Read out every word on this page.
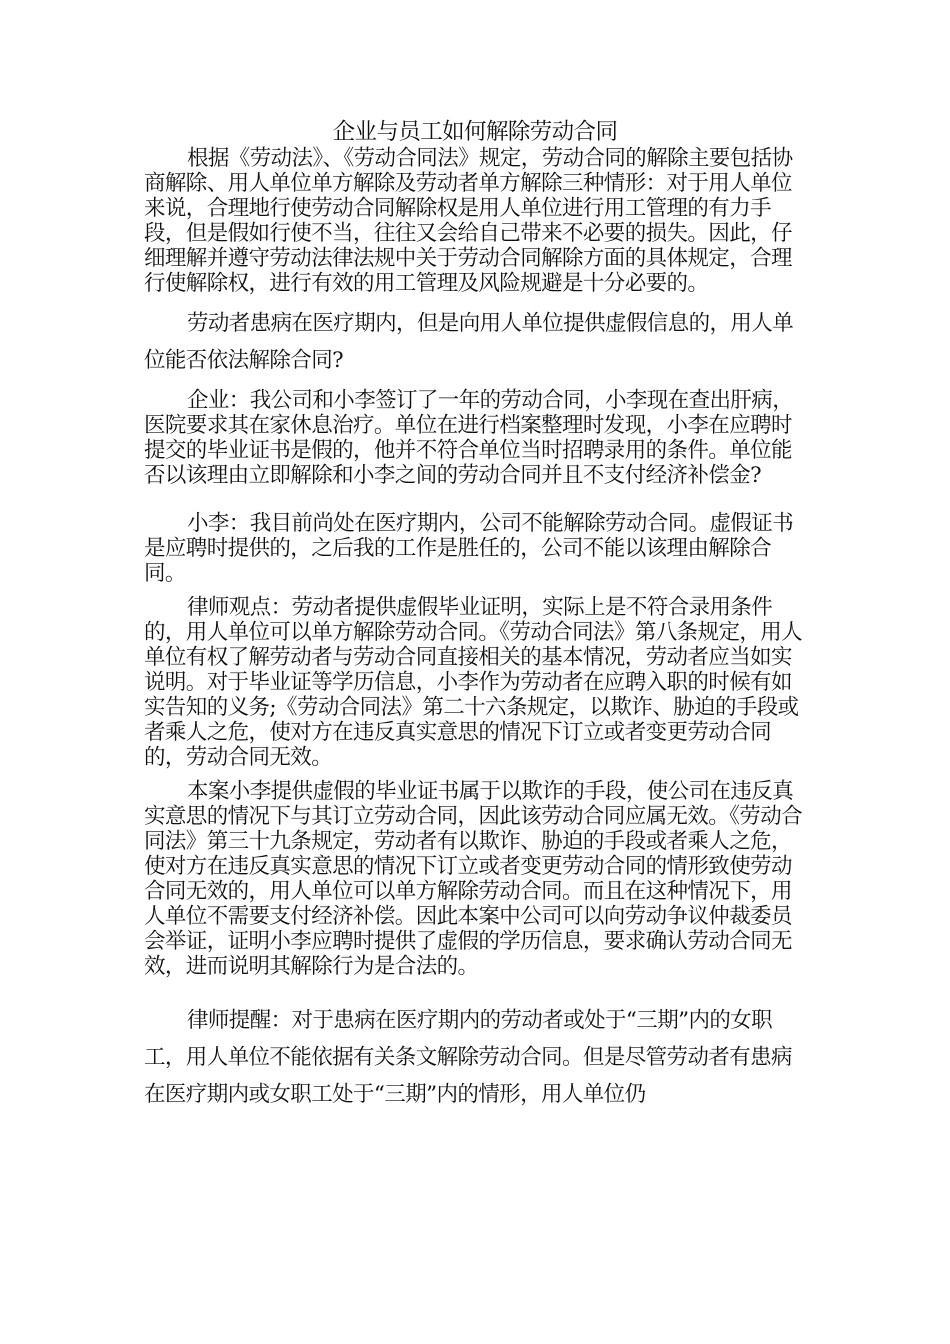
企业与员工如何解除劳动合同

根据《劳动法》、《劳动合同法》规定，劳动合同的解除主要包括协商解除、用人单位单方解除及劳动者单方解除三种情形：对于用人单位来说，合理地行使劳动合同解除权是用人单位进行用工管理的有力手段，但是假如行使不当，往往又会给自己带来不必要的损失。因此，仔细理解并遵守劳动法律法规中关于劳动合同解除方面的具体规定，合理行使解除权，进行有效的用工管理及风险规避是十分必要的。

劳动者患病在医疗期内，但是向用人单位提供虚假信息的，用人单位能否依法解除合同?

企业：我公司和小李签订了一年的劳动合同，小李现在查出肝病，医院要求其在家休息治疗。单位在进行档案整理时发现，小李在应聘时提交的毕业证书是假的，他并不符合单位当时招聘录用的条件。单位能否以该理由立即解除和小李之间的劳动合同并且不支付经济补偿金?

小李：我目前尚处在医疗期内，公司不能解除劳动合同。虚假证书是应聘时提供的，之后我的工作是胜任的，公司不能以该理由解除合同。

律师观点：劳动者提供虚假毕业证明，实际上是不符合录用条件的，用人单位可以单方解除劳动合同。《劳动合同法》第八条规定，用人单位有权了解劳动者与劳动合同直接相关的基本情况，劳动者应当如实说明。对于毕业证等学历信息，小李作为劳动者在应聘入职的时候有如实告知的义务;《劳动合同法》第二十六条规定，以欺诈、胁迫的手段或者乘人之危，使对方在违反真实意思的情况下订立或者变更劳动合同的，劳动合同无效。

本案小李提供虚假的毕业证书属于以欺诈的手段，使公司在违反真实意思的情况下与其订立劳动合同，因此该劳动合同应属无效。《劳动合同法》第三十九条规定，劳动者有以欺诈、胁迫的手段或者乘人之危，使对方在违反真实意思的情况下订立或者变更劳动合同的情形致使劳动合同无效的，用人单位可以单方解除劳动合同。而且在这种情况下，用人单位不需要支付经济补偿。因此本案中公司可以向劳动争议仲裁委员会举证，证明小李应聘时提供了虚假的学历信息，要求确认劳动合同无效，进而说明其解除行为是合法的。

律师提醒：对于患病在医疗期内的劳动者或处于“三期”内的女职工，用人单位不能依据有关条文解除劳动合同。但是尽管劳动者有患病在医疗期内或女职工处于“三期”内的情形，用人单位仍
